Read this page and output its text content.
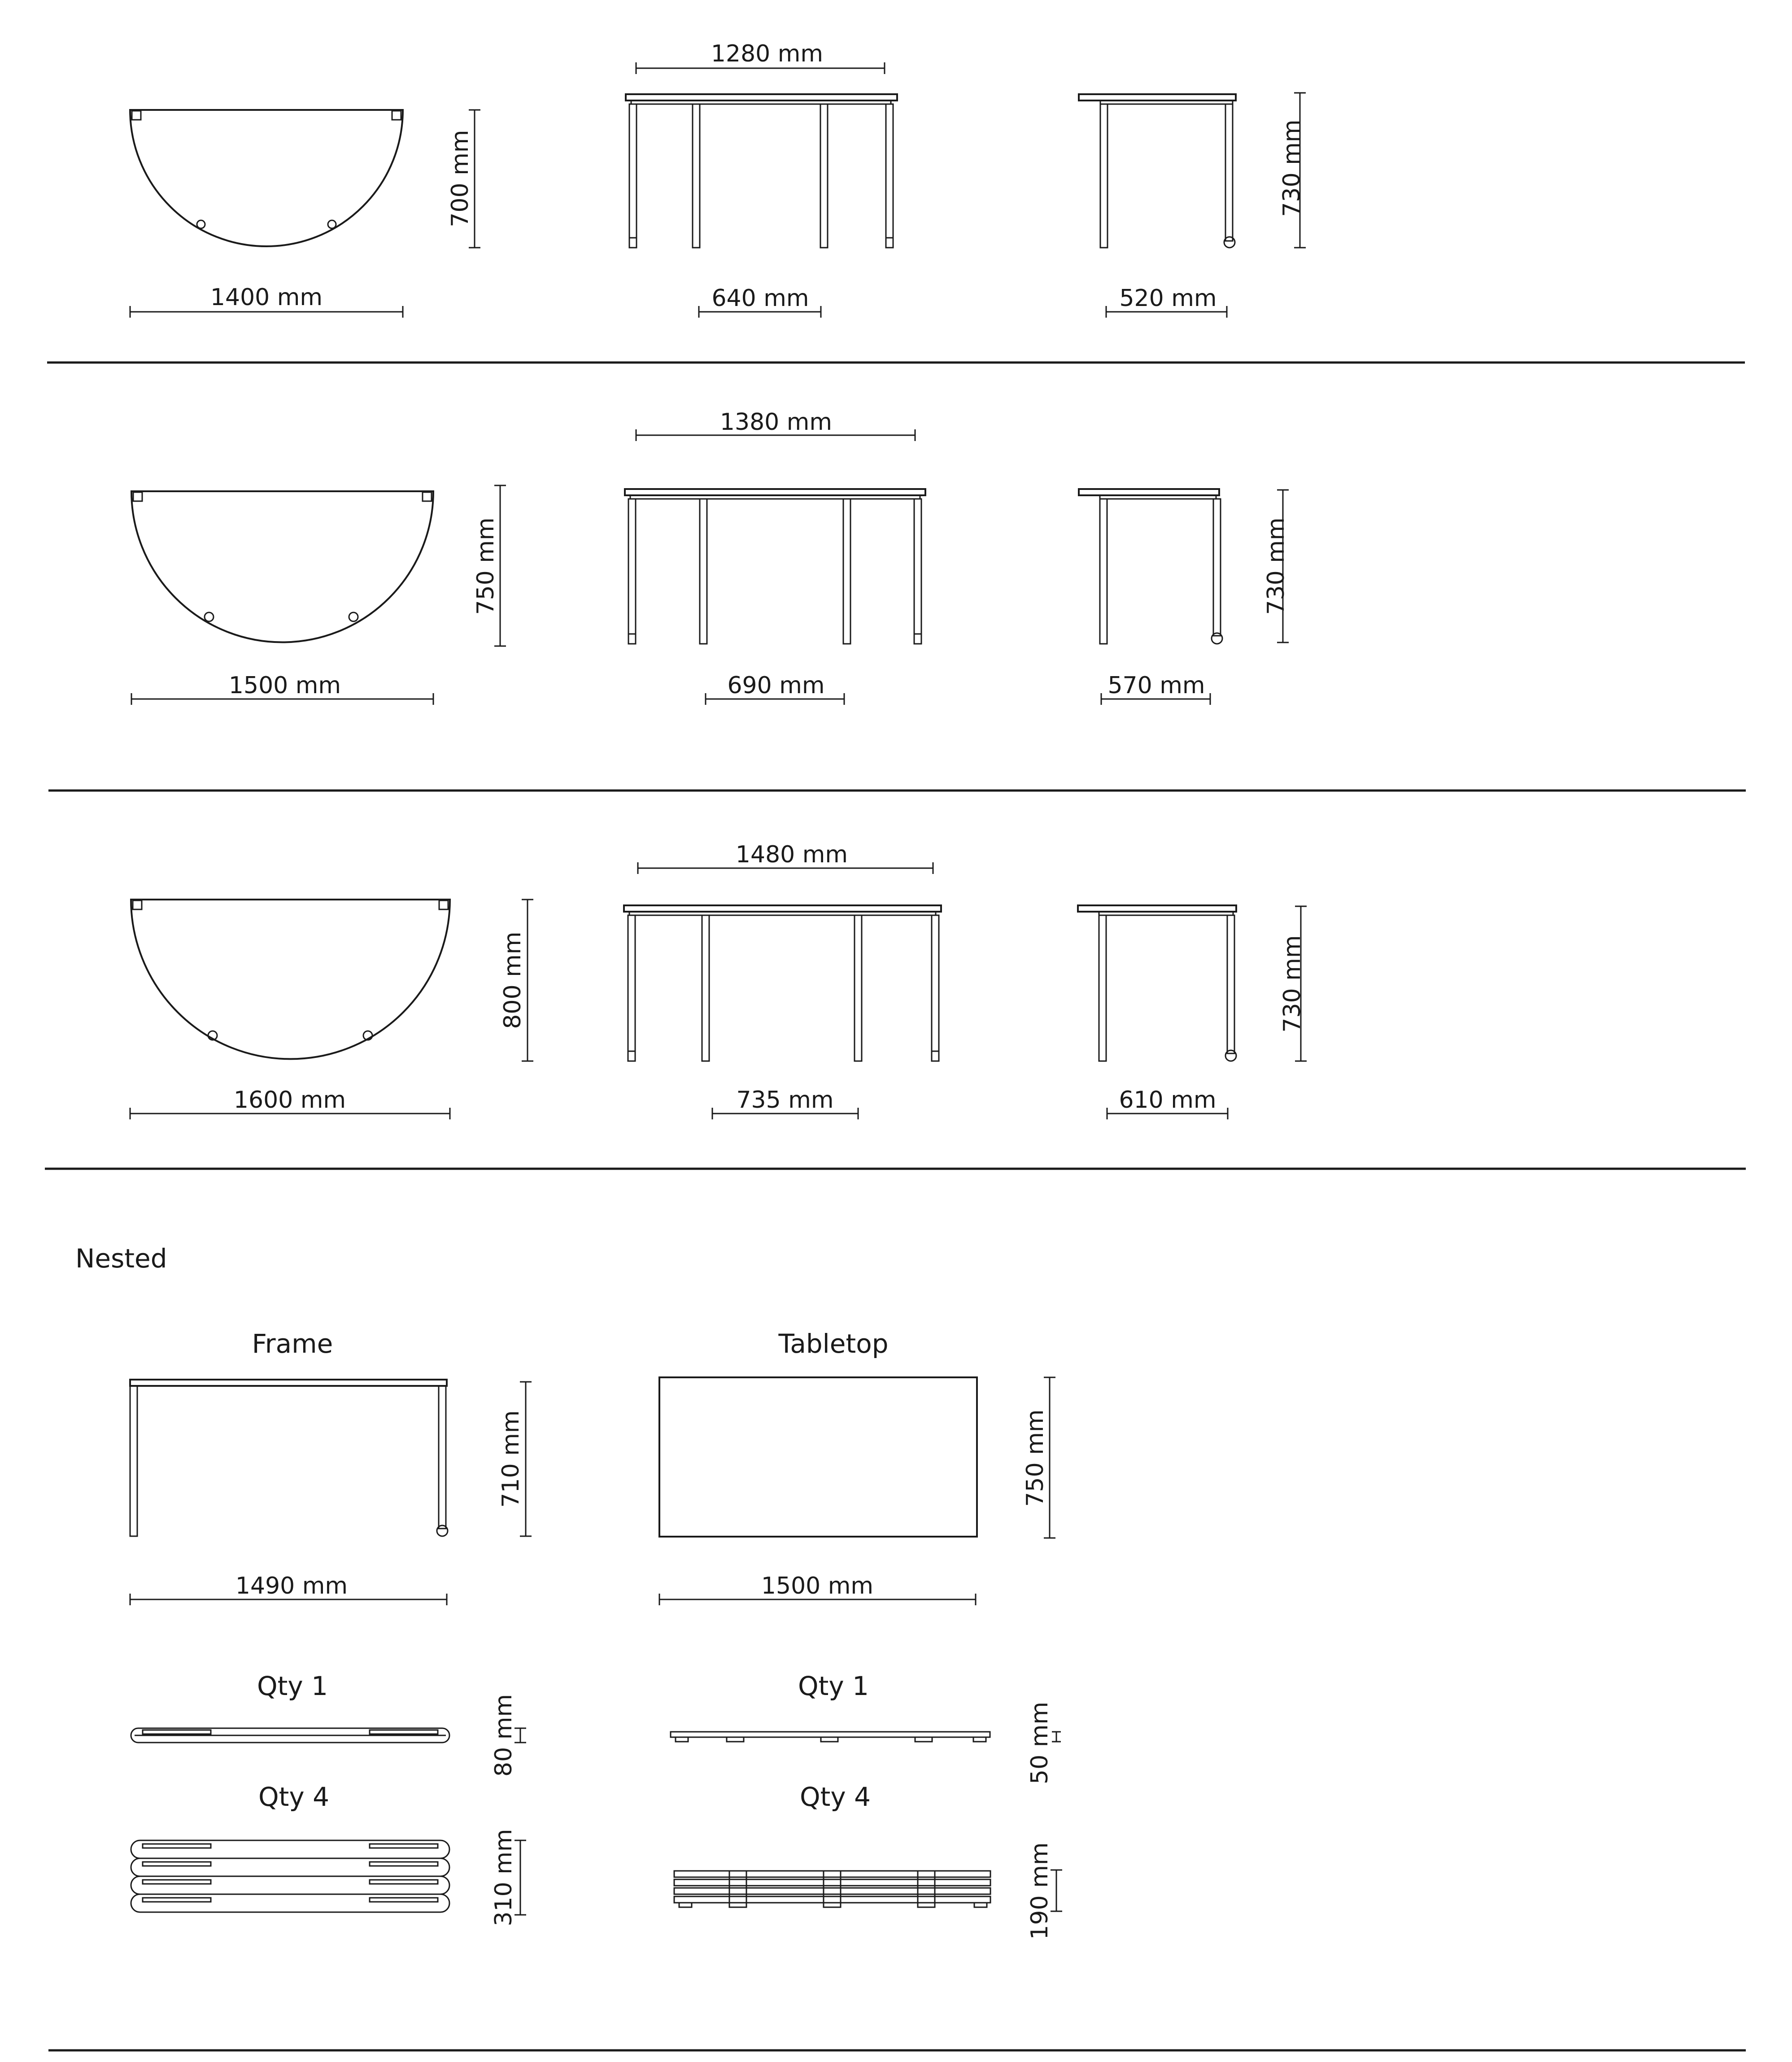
1400 mm
700 mm
1280 mm
640 mm	520 mm
730 mm
1500 mm
750 mm
1380 mm
690 mm	570 mm
730 mm
1600 mm
800 mm
1480 mm
735 mm	610 mm
730 mm
Nested
Frame	Tabletop
1490 mm
710 mm
1500 mm
750 mm
Qty 1
80 mm
Qty 1
50 mm
Qty 4
310 mm
Qty 4
190 mm
